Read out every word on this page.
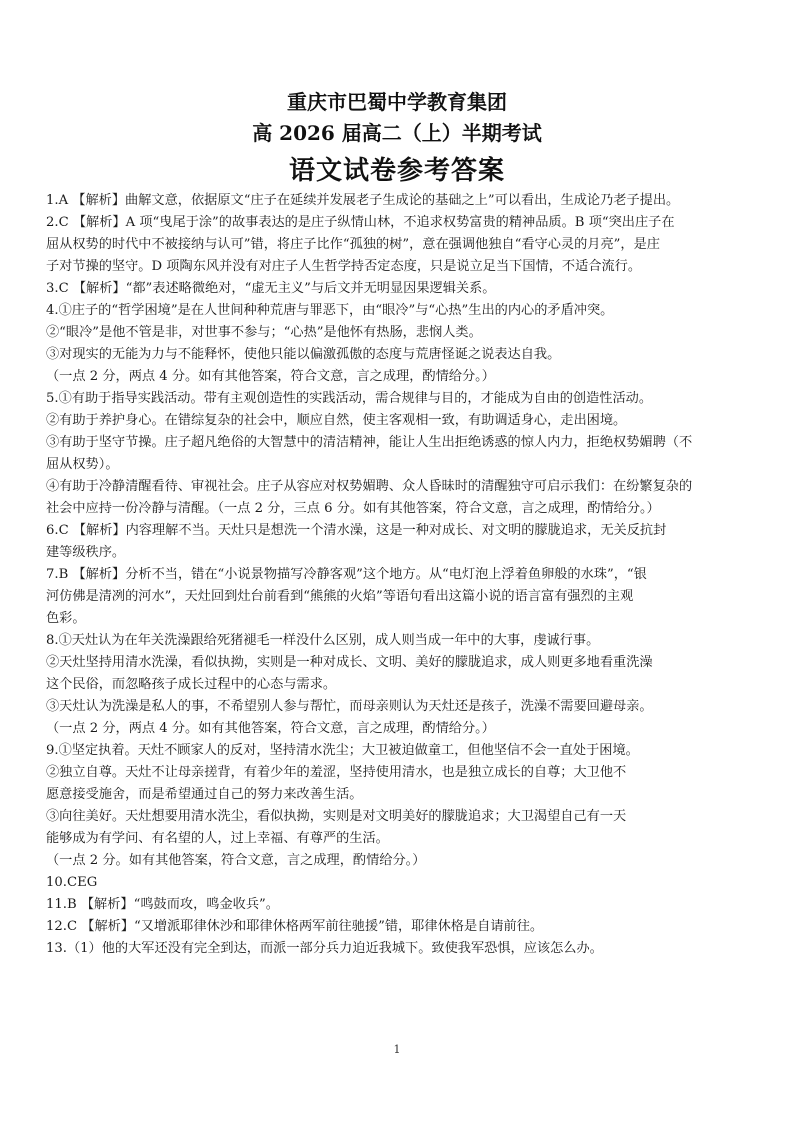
重庆市巴蜀中学教育集团
高 2026 届高二（上）半期考试
语文试卷参考答案
1.A 【解析】曲解文意，依据原文“庄子在延续并发展老子生成论的基础之上”可以看出，生成论乃老子提出。
2.C 【解析】A 项“曳尾于涂”的故事表达的是庄子纵情山林，不追求权势富贵的精神品质。B 项“突出庄子在
屈从权势的时代中不被接纳与认可”错，将庄子比作“孤独的树”，意在强调他独自“看守心灵的月亮”，是庄
子对节操的坚守。D 项陶东风并没有对庄子人生哲学持否定态度，只是说立足当下国情，不适合流行。
3.C 【解析】“都”表述略微绝对，“虚无主义”与后文并无明显因果逻辑关系。
4.①庄子的“哲学困境”是在人世间种种荒唐与罪恶下，由“眼冷”与“心热”生出的内心的矛盾冲突。
②“眼冷”是他不管是非，对世事不参与；“心热”是他怀有热肠，悲悯人类。
③对现实的无能为力与不能释怀，使他只能以偏激孤傲的态度与荒唐怪诞之说表达自我。
（一点 2 分，两点 4 分。如有其他答案，符合文意，言之成理，酌情给分。）
5.①有助于指导实践活动。带有主观创造性的实践活动，需合规律与目的，才能成为自由的创造性活动。
②有助于养护身心。在错综复杂的社会中，顺应自然，使主客观相一致，有助调适身心，走出困境。
③有助于坚守节操。庄子超凡绝俗的大智慧中的清洁精神，能让人生出拒绝诱惑的惊人内力，拒绝权势媚聘（不
屈从权势）。
④有助于冷静清醒看待、审视社会。庄子从容应对权势媚聘、众人昏昧时的清醒独守可启示我们：在纷繁复杂的
社会中应持一份冷静与清醒。（一点 2 分，三点 6 分。如有其他答案，符合文意，言之成理，酌情给分。）
6.C 【解析】内容理解不当。天灶只是想洗一个清水澡，这是一种对成长、对文明的朦胧追求，无关反抗封
建等级秩序。
7.B 【解析】分析不当，错在“小说景物描写冷静客观”这个地方。从“电灯泡上浮着鱼卵般的水珠”，“银
河仿佛是清冽的河水”，天灶回到灶台前看到“熊熊的火焰”等语句看出这篇小说的语言富有强烈的主观
色彩。
8.①天灶认为在年关洗澡跟给死猪褪毛一样没什么区别，成人则当成一年中的大事，虔诚行事。
②天灶坚持用清水洗澡，看似执拗，实则是一种对成长、文明、美好的朦胧追求，成人则更多地看重洗澡
这个民俗，而忽略孩子成长过程中的心态与需求。
③天灶认为洗澡是私人的事，不希望别人参与帮忙，而母亲则认为天灶还是孩子，洗澡不需要回避母亲。
（一点 2 分，两点 4 分。如有其他答案，符合文意，言之成理，酌情给分。）
9.①坚定执着。天灶不顾家人的反对，坚持清水洗尘；大卫被迫做童工，但他坚信不会一直处于困境。
②独立自尊。天灶不让母亲搓背，有着少年的羞涩，坚持使用清水，也是独立成长的自尊；大卫他不
愿意接受施舍，而是希望通过自己的努力来改善生活。
③向往美好。天灶想要用清水洗尘，看似执拗，实则是对文明美好的朦胧追求；大卫渴望自己有一天
能够成为有学问、有名望的人，过上幸福、有尊严的生活。
（一点 2 分。如有其他答案，符合文意，言之成理，酌情给分。）
10.CEG
11.B 【解析】“鸣鼓而攻，鸣金收兵”。
12.C 【解析】“又增派耶律休沙和耶律休格两军前往驰援”错，耶律休格是自请前往。
13.（1）他的大军还没有完全到达，而派一部分兵力迫近我城下。致使我军恐惧，应该怎么办。
1
